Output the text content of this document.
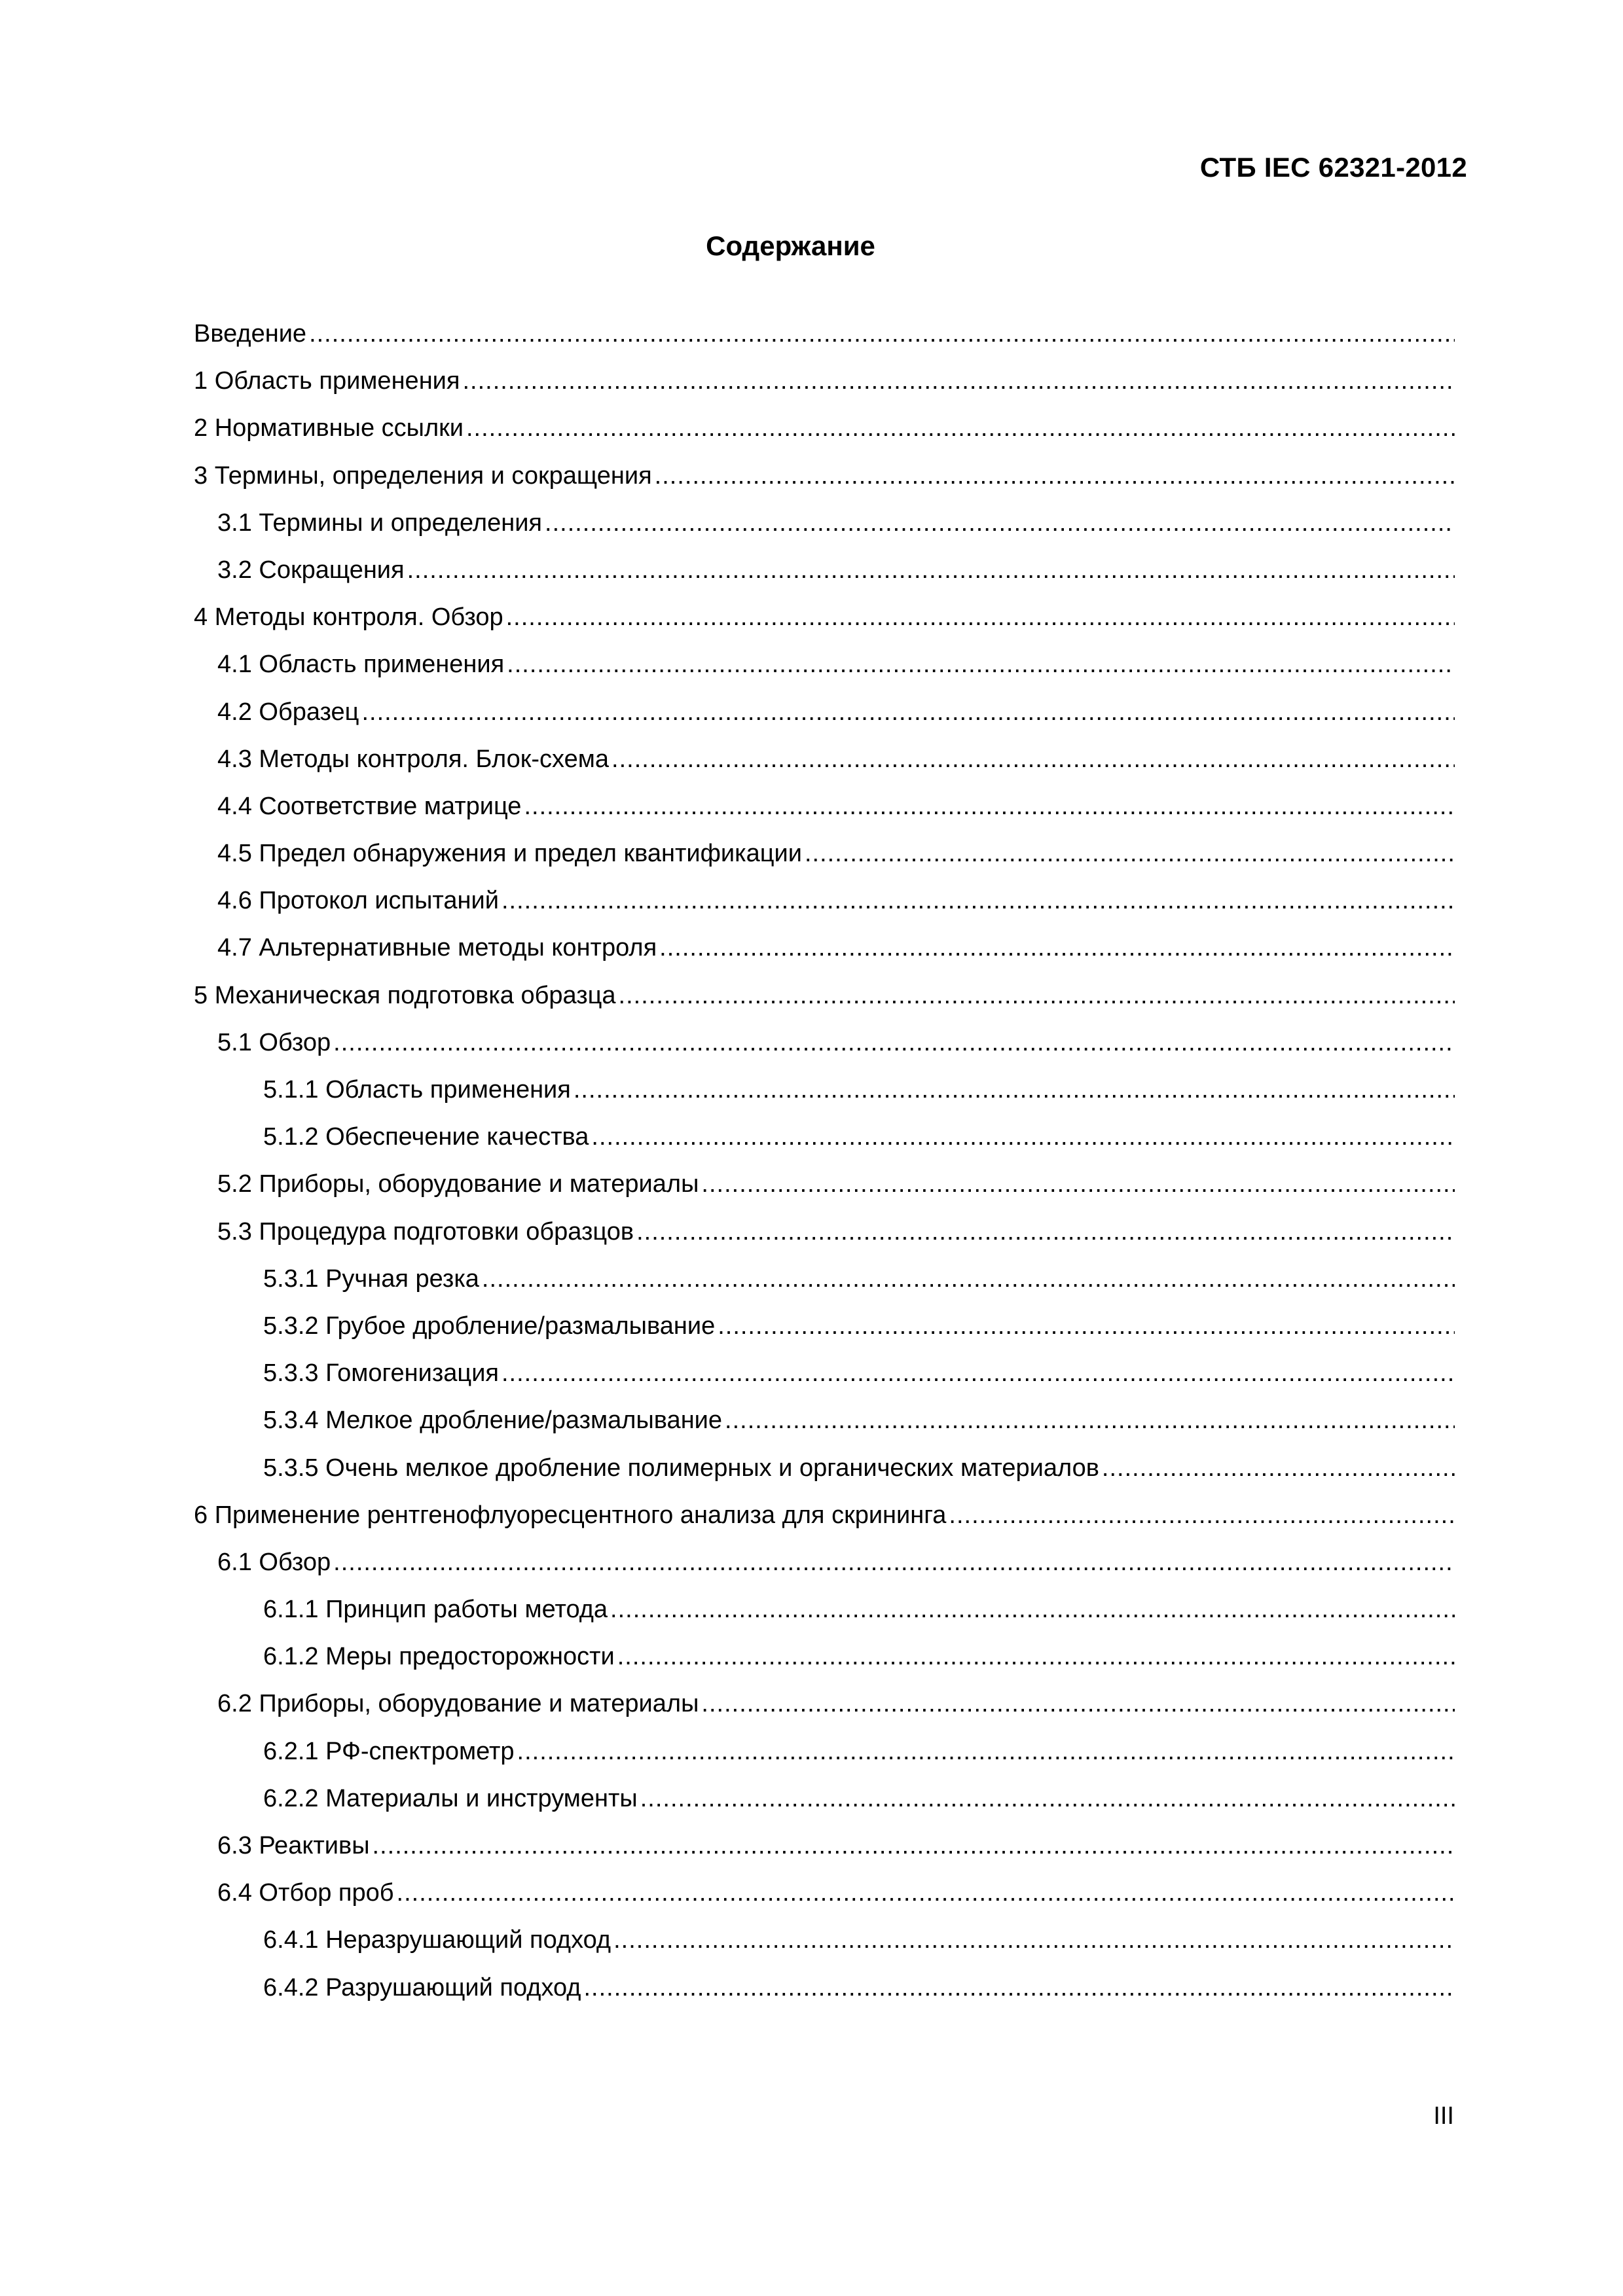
СТБ IEC 62321-2012
Содержание
Введение
.....
1 Область применения
.....
2 Нормативные ссылки
.....
3 Термины, определения и сокращения
.....
3.1 Термины и определения
.....
3.2 Сокращения
.....
4 Методы контроля. Обзор
.....
4.1 Область применения
.....
4.2 Образец
.....
4.3 Методы контроля. Блок-схема
.....
4.4 Соответствие матрице
.....
4.5 Предел обнаружения и предел квантификации
.....
4.6 Протокол испытаний
.....
4.7 Альтернативные методы контроля
.....
5 Механическая подготовка образца
.....
5.1 Обзор
.....
5.1.1 Область применения
.....
5.1.2 Обеспечение качества
.....
5.2 Приборы, оборудование и материалы
.....
5.3 Процедура подготовки образцов
.....
5.3.1 Ручная резка
.....
5.3.2 Грубое дробление/размалывание
.....
5.3.3 Гомогенизация
.....
5.3.4 Мелкое дробление/размалывание
.....
5.3.5 Очень мелкое дробление полимерных и органических материалов
.....
6 Применение рентгенофлуоресцентного анализа для скрининга
.....
6.1 Обзор
.....
6.1.1 Принцип работы метода
.....
6.1.2 Меры предосторожности
.....
6.2 Приборы, оборудование и материалы
.....
6.2.1 РФ-спектрометр
.....
6.2.2 Материалы и инструменты
.....
6.3 Реактивы
.....
6.4 Отбор проб
.....
6.4.1 Неразрушающий подход
.....
6.4.2 Разрушающий подход
.....
III
